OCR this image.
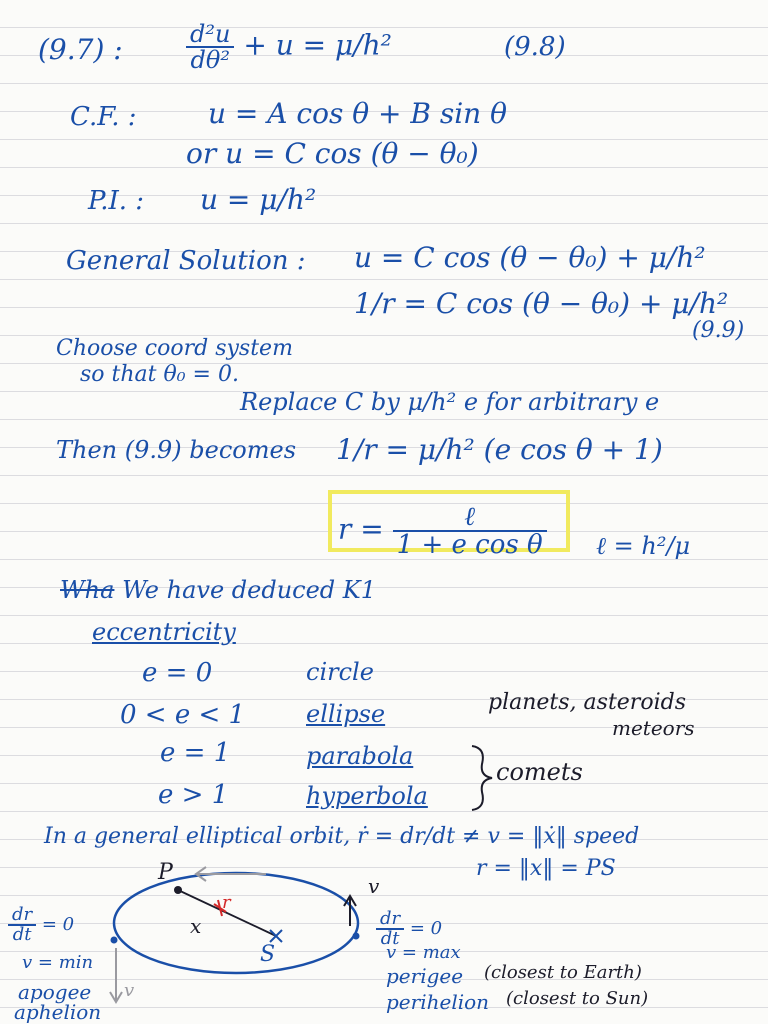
(9.7) :	$\frac{\text{d²u}}{\text{dθ²}} + u = \mu/h^2$	(9.8)
C.F. :	u = A cos θ + B sin θ
or u = C cos (θ − θ₀)
P.I. : u = μ/h²
General Solution : u = C cos (θ − θ₀) + μ/h²
1/r = C cos (θ − θ₀) + μ/h²
(9.9)
Choose coord system
so that θ₀ = 0.
Replace C by μ/h² e for arbitrary e
Then (9.9) becomes 1/r = μ/h² (e cos θ + 1)
$r = \frac{\text{ℓ}}{\text{1 + e cos θ}}$ ℓ = h²/μ
Wha We have deduced K1
eccentricity
e = 0	circle
0 < e < 1	ellipse
e = 1	parabola
e > 1	hyperbola
planets, asteroids
meteors
comets
In a general elliptical orbit, ṙ = dr/dt ≠ v = ‖ẋ‖ speed
r = ‖x‖ = PS
P
S
r
x
v
v
$\frac{dr}{dt} = 0$
v = min
apogee
aphelion
$\frac{dr}{dt} = 0$
v = max
perigee (closest to Earth)
perihelion (closest to Sun)
